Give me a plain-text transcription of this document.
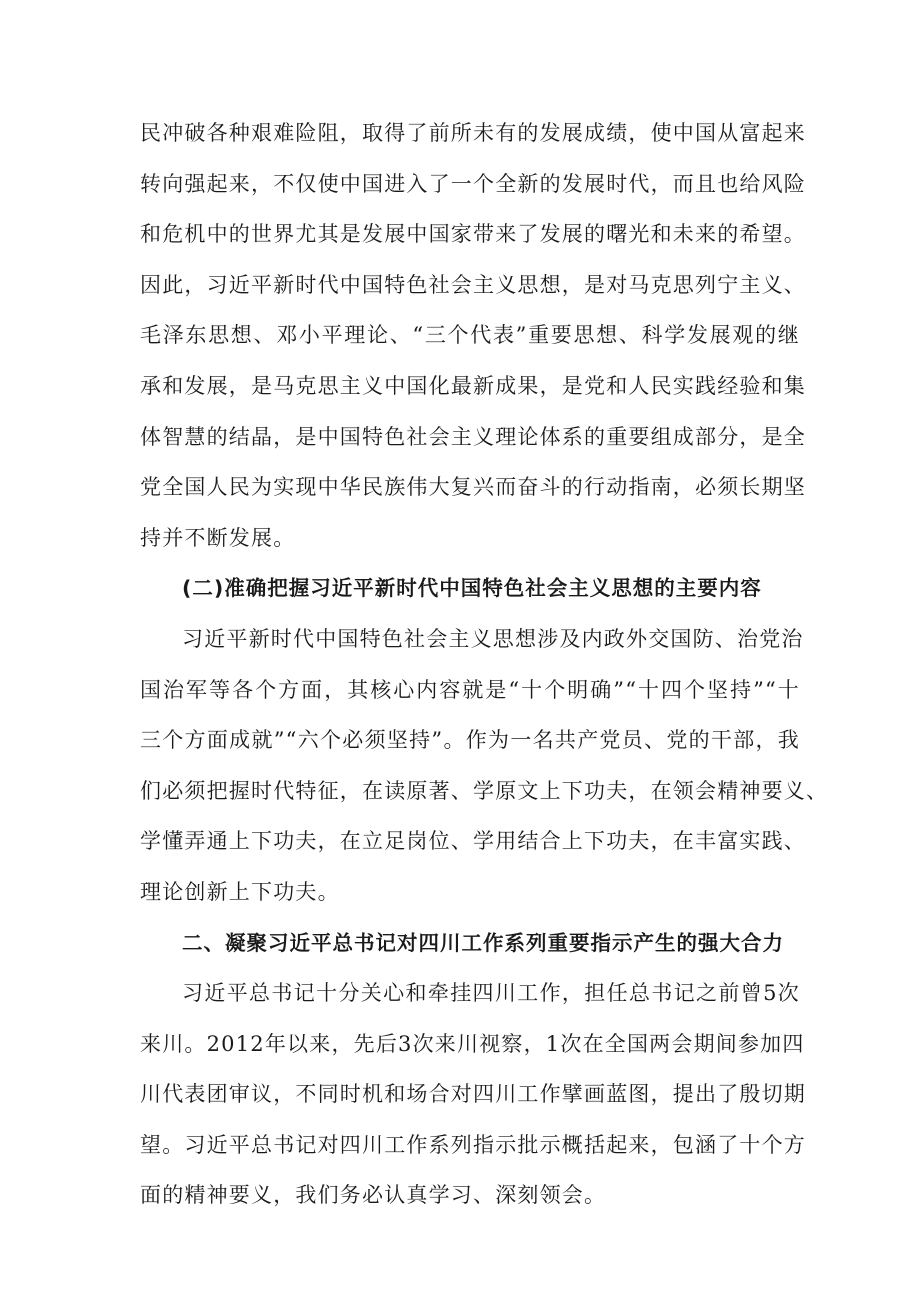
民冲破各种艰难险阻，取得了前所未有的发展成绩，使中国从富起来
转向强起来，不仅使中国进入了一个全新的发展时代，而且也给风险
和危机中的世界尤其是发展中国家带来了发展的曙光和未来的希望。
因此，习近平新时代中国特色社会主义思想，是对马克思列宁主义、
毛泽东思想、邓小平理论、“三个代表”重要思想、科学发展观的继
承和发展，是马克思主义中国化最新成果，是党和人民实践经验和集
体智慧的结晶，是中国特色社会主义理论体系的重要组成部分，是全
党全国人民为实现中华民族伟大复兴而奋斗的行动指南，必须长期坚
持并不断发展。
(二)准确把握习近平新时代中国特色社会主义思想的主要内容
习近平新时代中国特色社会主义思想涉及内政外交国防、治党治
国治军等各个方面，其核心内容就是“十个明确”“十四个坚持”“十
三个方面成就”“六个必须坚持”。作为一名共产党员、党的干部，我
们必须把握时代特征，在读原著、学原文上下功夫，在领会精神要义、
学懂弄通上下功夫，在立足岗位、学用结合上下功夫，在丰富实践、
理论创新上下功夫。
二、凝聚习近平总书记对四川工作系列重要指示产生的强大合力
习近平总书记十分关心和牵挂四川工作，担任总书记之前曾5次
来川。2012年以来，先后3次来川视察，1次在全国两会期间参加四
川代表团审议，不同时机和场合对四川工作擘画蓝图，提出了殷切期
望。习近平总书记对四川工作系列指示批示概括起来，包涵了十个方
面的精神要义，我们务必认真学习、深刻领会。
